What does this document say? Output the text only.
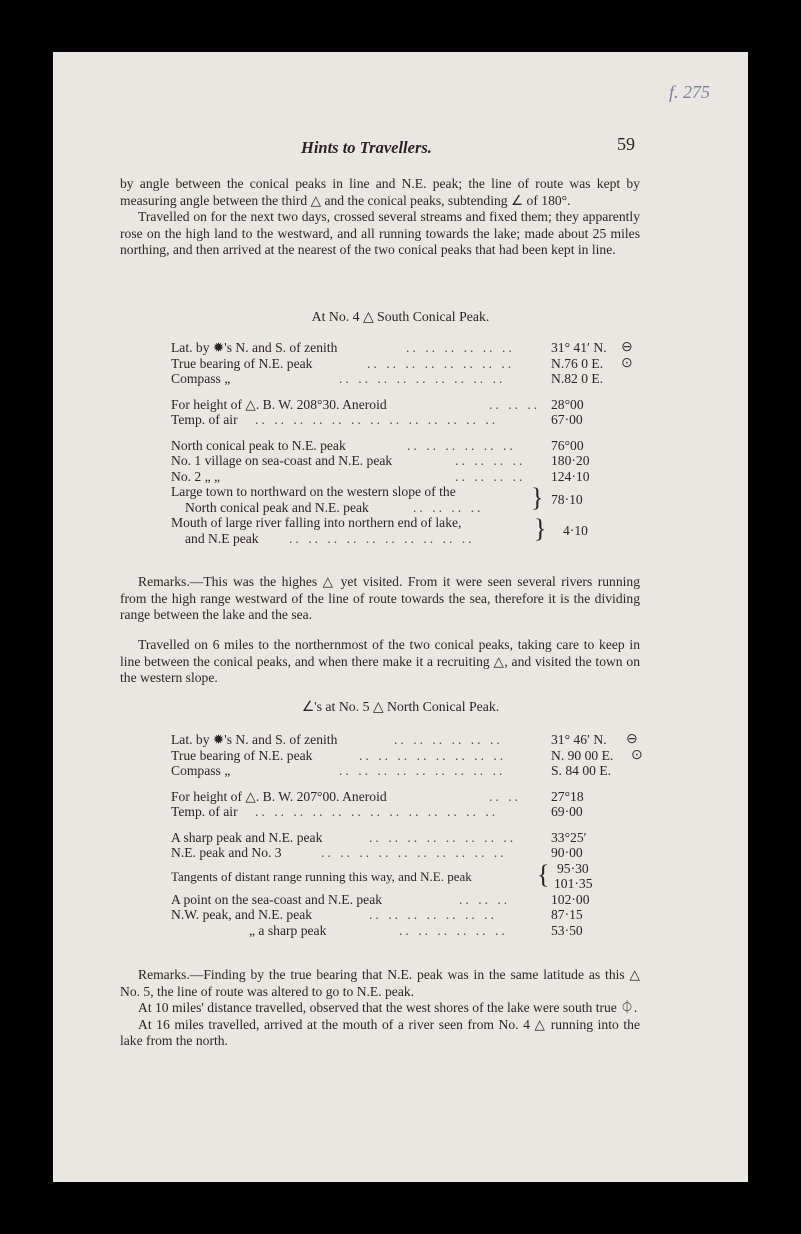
f. 275
Hints to Travellers.	59

by angle between the conical peaks in line and N.E. peak; the line of route was kept by measuring angle between the third △ and the conical peaks, subtending ∠ of 180°.

Travelled on for the next two days, crossed several streams and fixed them; they apparently rose on the high land to the westward, and all running towards the lake; made about 25 miles northing, and then arrived at the nearest of the two conical peaks that had been kept in line.

At No. 4 △ South Conical Peak.
Lat. by ✹'s N. and S. of zenith	.. .. .. .. .. ..	31° 41′ N. ⊖
True bearing of N.E. peak	.. .. .. .. .. .. .. ..	N.76 0 E. ⊙
Compass „	.. .. .. .. .. .. .. .. ..	N.82 0 E.
For height of △. B. W. 208°30. Aneroid	.. .. .. 28°00
Temp. of air .. .. .. .. .. .. .. .. .. .. .. .. ..	67·00
North conical peak to N.E. peak	.. .. .. .. .. ..	76°00
No. 1 village on sea-coast and N.E. peak	.. .. .. .. 180·20
No. 2 „ „	.. .. .. .. 124·10
Large town to northward on the western slope of the
North conical peak and N.E. peak	.. .. .. .. } 78·10
Mouth of large river falling into northern end of lake,
and N.E peak .. .. .. .. .. .. .. .. .. .. } 4·10

Remarks.—This was the highes △ yet visited. From it were seen several rivers running from the high range westward of the line of route towards the sea, therefore it is the dividing range between the lake and the sea.

Travelled on 6 miles to the northernmost of the two conical peaks, taking care to keep in line between the conical peaks, and when there make it a recruiting △, and visited the town on the western slope.

∠'s at No. 5 △ North Conical Peak.
Lat. by ✹'s N. and S. of zenith	.. .. .. .. .. ..	31° 46′ N. ⊖
True bearing of N.E. peak	.. .. .. .. .. .. .. ..	N. 90 00 E. ⊙
Compass „	.. .. .. .. .. .. .. .. ..	S. 84 00 E.
For height of △. B. W. 207°00. Aneroid	.. .. 27°18
Temp. of air .. .. .. .. .. .. .. .. .. .. .. .. ..	69·00
A sharp peak and N.E. peak	.. .. .. .. .. .. .. ..	33°25′
N.E. peak and No. 3	.. .. .. .. .. .. .. .. .. ..	90·00
Tangents of distant range running this way, and N.E. peak	{ 95·30
101·35
A point on the sea-coast and N.E. peak	.. .. ..	102·00
N.W. peak, and N.E. peak	.. .. .. .. .. .. ..	87·15
„ a sharp peak	.. .. .. .. .. ..	53·50

Remarks.—Finding by the true bearing that N.E. peak was in the same latitude as this △ No. 5, the line of route was altered to go to N.E. peak.

At 10 miles' distance travelled, observed that the west shores of the lake were south true ⏀.

At 16 miles travelled, arrived at the mouth of a river seen from No. 4 △ running into the lake from the north.
